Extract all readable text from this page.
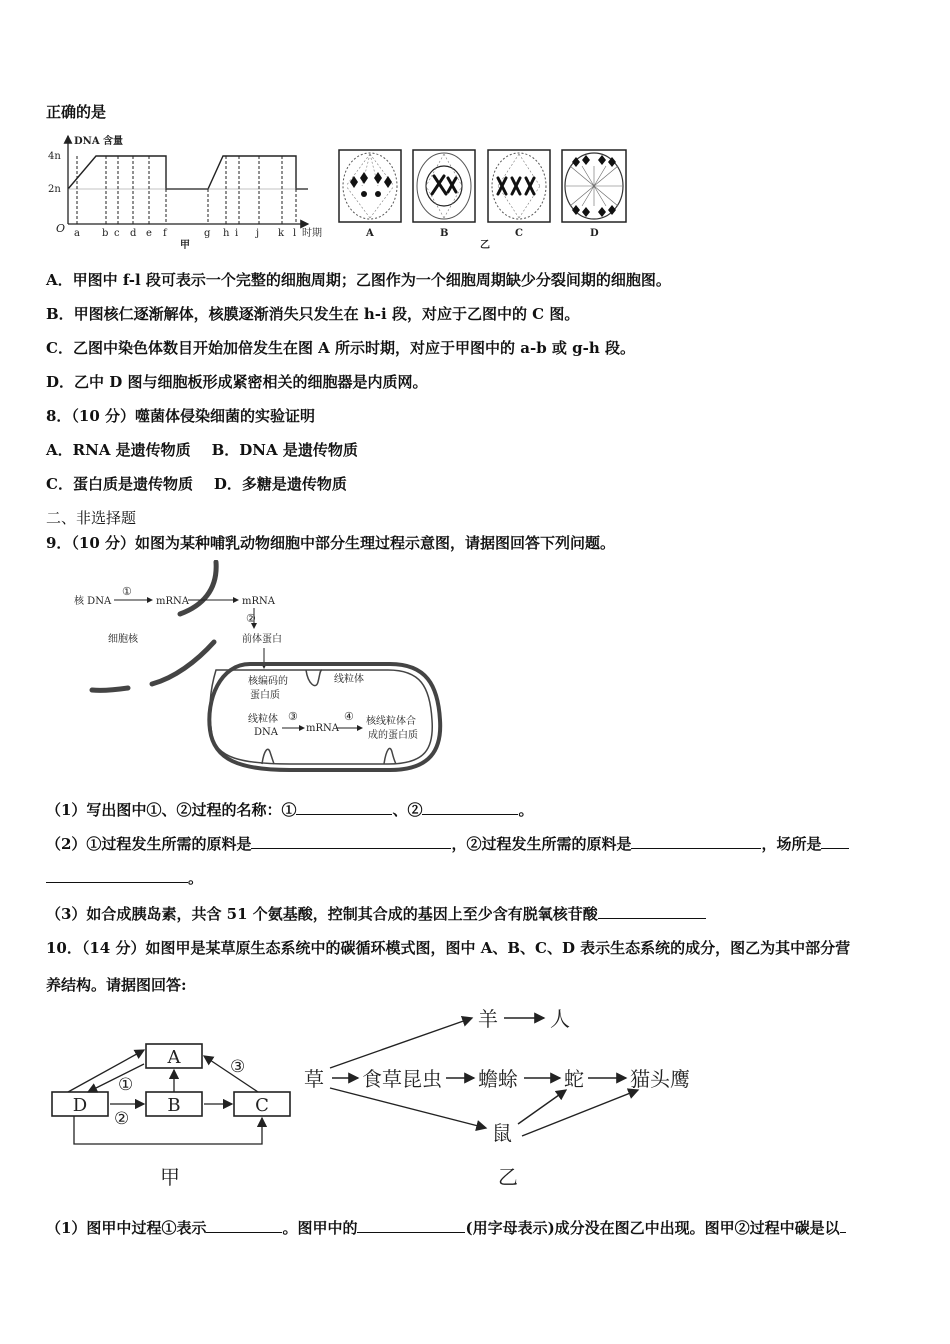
正确的是
DNA 含量
4n
2n
O a b c d e f	g h i j k l 时期
甲
A	B	C	D
乙
A．甲图中 f-l 段可表示一个完整的细胞周期；乙图作为一个细胞周期缺少分裂间期的细胞图。
B．甲图核仁逐渐解体，核膜逐渐消失只发生在 h-i 段，对应于乙图中的 C 图。
C．乙图中染色体数目开始加倍发生在图 A 所示时期，对应于甲图中的 a-b 或 g-h 段。
D．乙中 D 图与细胞板形成紧密相关的细胞器是内质网。
8．（10 分）噬菌体侵染细菌的实验证明
A．RNA 是遗传物质    B．DNA 是遗传物质
C．蛋白质是遗传物质    D．多糖是遗传物质
二、非选择题
9．（10 分）如图为某种哺乳动物细胞中部分生理过程示意图，请据图回答下列问题。
核 DNA
①
mRNA	mRNA
②
前体蛋白
细胞核
核编码的
蛋白质
线粒体
线粒体
DNA
③
mRNA
④ 核线粒体合
成的蛋白质
（1）写出图中①、②过程的名称：①	、②	。
（2）①过程发生所需的原料是	，②过程发生所需的原料是	，场所是
。
（3）如合成胰岛素，共含 51 个氨基酸，控制其合成的基因上至少含有脱氧核苷酸
10．（14 分）如图甲是某草原生态系统中的碳循环模式图，图中 A、B、C、D 表示生态系统的成分，图乙为其中部分营
养结构。请据图回答:
A
D	B	C
①
②
③
甲
草 食草昆虫 蟾蜍 蛇 猫头鹰
羊	人
鼠
乙
（1）图甲中过程①表示	。图甲中的	(用字母表示)成分没在图乙中出现。图甲②过程中碳是以
